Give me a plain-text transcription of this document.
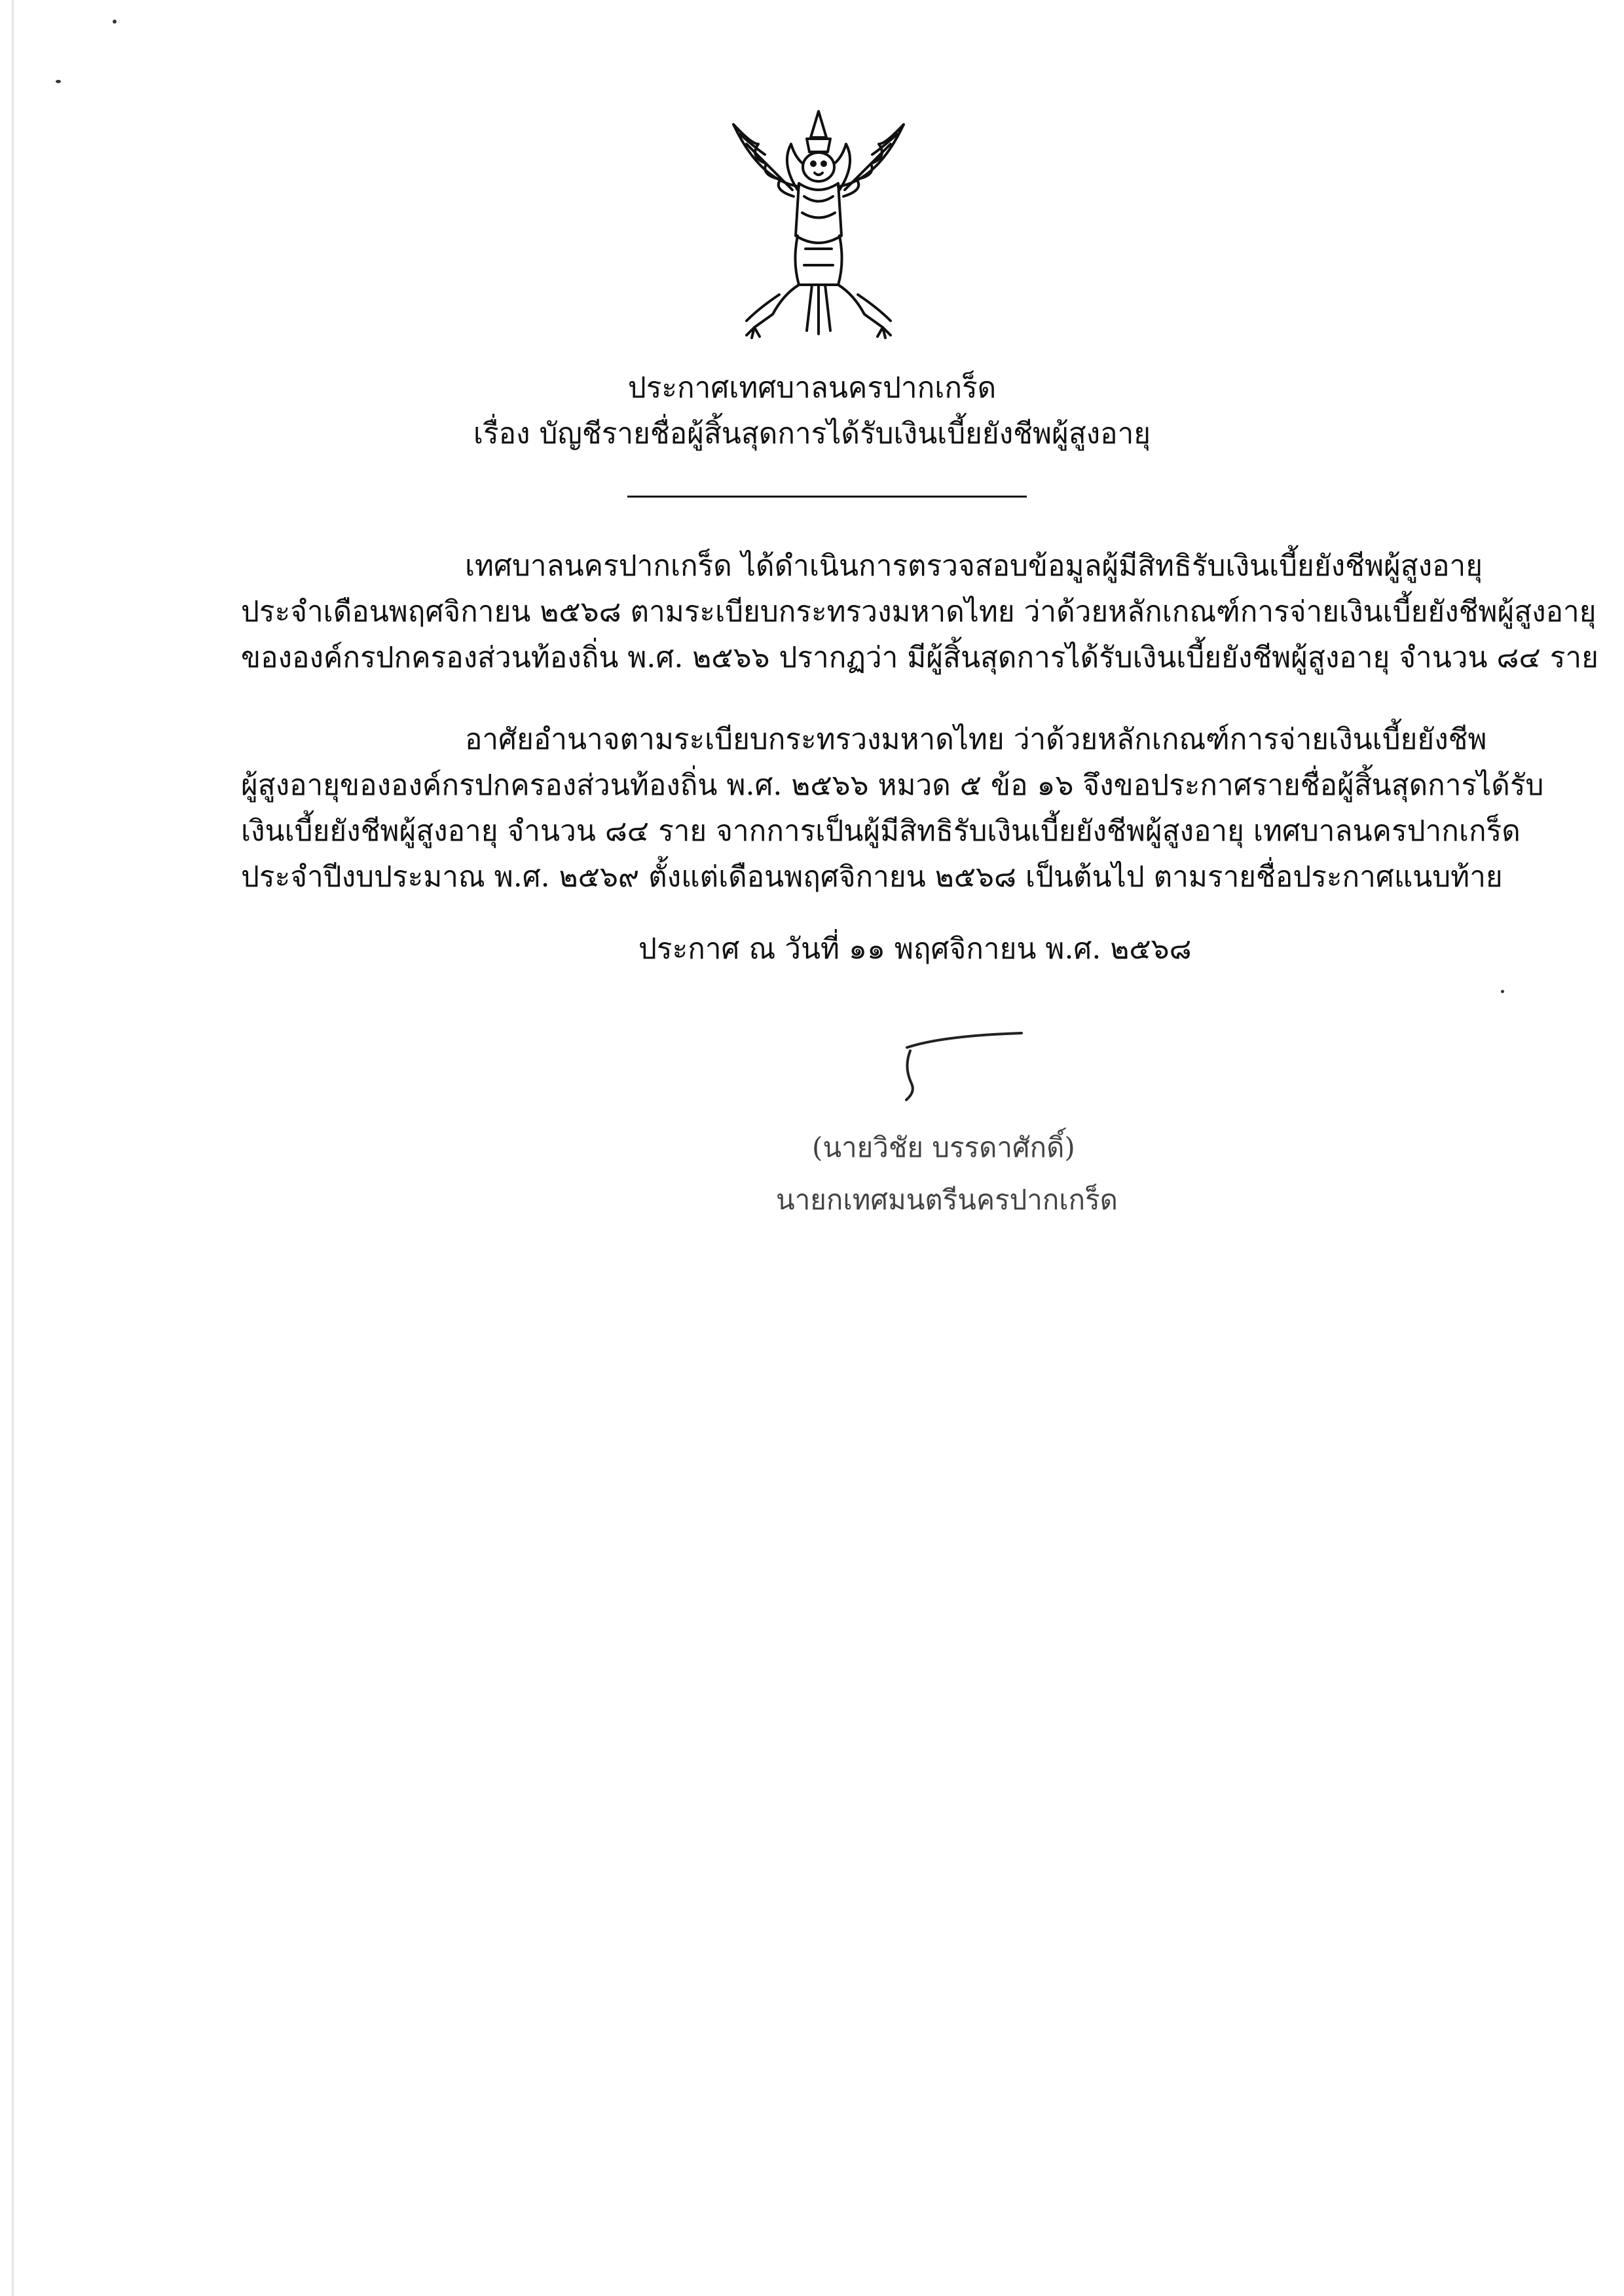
ประกาศเทศบาลนครปากเกร็ด
เรื่อง บัญชีรายชื่อผู้สิ้นสุดการได้รับเงินเบี้ยยังชีพผู้สูงอายุ
เทศบาลนครปากเกร็ด ได้ดำเนินการตรวจสอบข้อมูลผู้มีสิทธิรับเงินเบี้ยยังชีพผู้สูงอายุ
ประจำเดือนพฤศจิกายน ๒๕๖๘ ตามระเบียบกระทรวงมหาดไทย ว่าด้วยหลักเกณฑ์การจ่ายเงินเบี้ยยังชีพผู้สูงอายุ
ขององค์กรปกครองส่วนท้องถิ่น พ.ศ. ๒๕๖๖ ปรากฏว่า มีผู้สิ้นสุดการได้รับเงินเบี้ยยังชีพผู้สูงอายุ จำนวน ๘๔ ราย
อาศัยอำนาจตามระเบียบกระทรวงมหาดไทย ว่าด้วยหลักเกณฑ์การจ่ายเงินเบี้ยยังชีพ
ผู้สูงอายุขององค์กรปกครองส่วนท้องถิ่น พ.ศ. ๒๕๖๖ หมวด ๕ ข้อ ๑๖ จึงขอประกาศรายชื่อผู้สิ้นสุดการได้รับ
เงินเบี้ยยังชีพผู้สูงอายุ จำนวน ๘๔ ราย จากการเป็นผู้มีสิทธิรับเงินเบี้ยยังชีพผู้สูงอายุ เทศบาลนครปากเกร็ด
ประจำปีงบประมาณ พ.ศ. ๒๕๖๙ ตั้งแต่เดือนพฤศจิกายน ๒๕๖๘ เป็นต้นไป ตามรายชื่อประกาศแนบท้าย
ประกาศ ณ วันที่ ๑๑ พฤศจิกายน พ.ศ. ๒๕๖๘
(นายวิชัย บรรดาศักดิ์)
นายกเทศมนตรีนครปากเกร็ด
